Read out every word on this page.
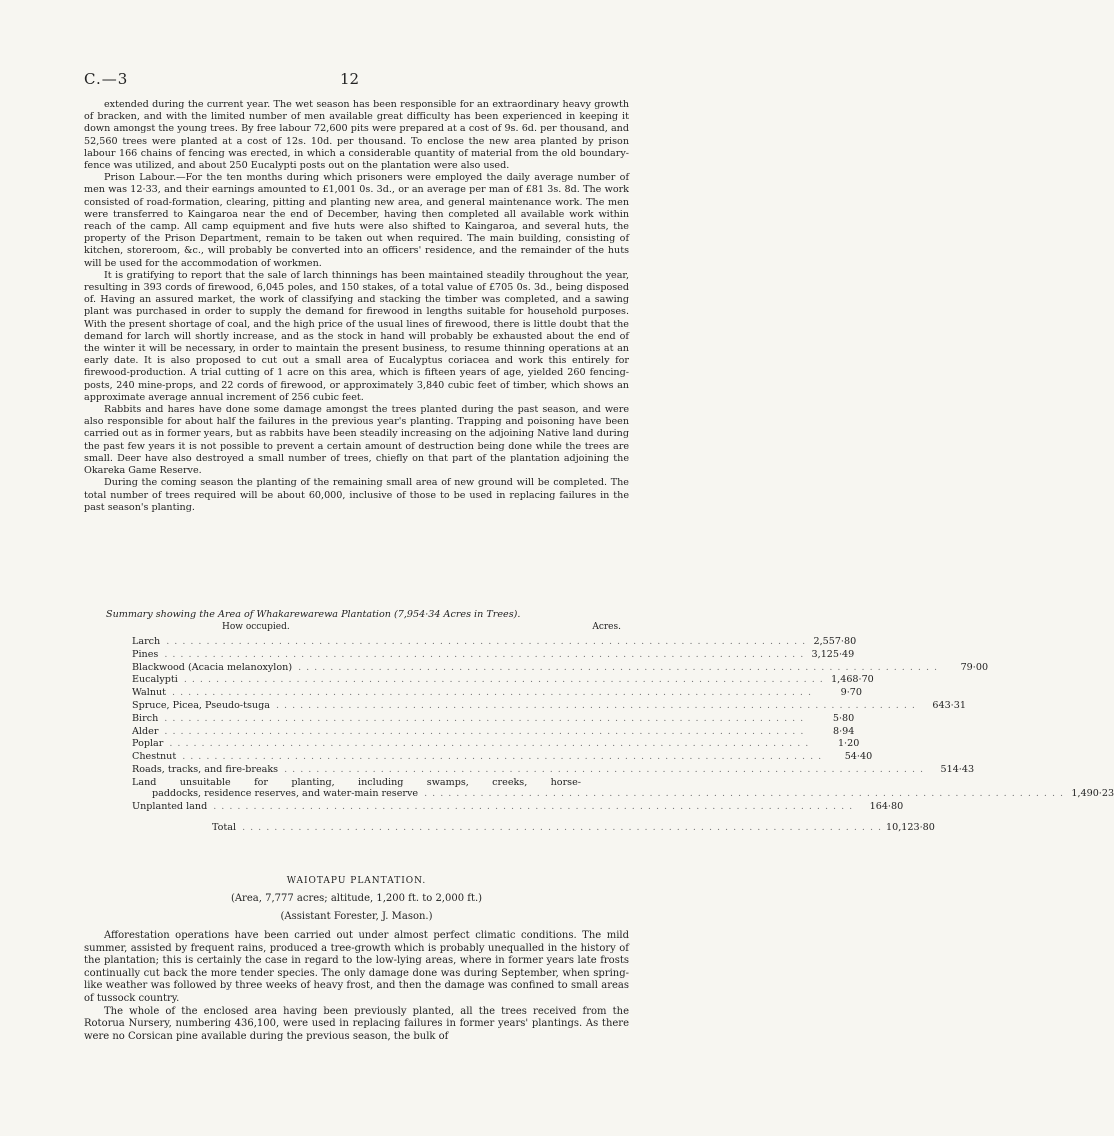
C.—3	12

extended during the current year. The wet season has been responsible for an extraordinary heavy growth of bracken, and with the limited number of men available great difficulty has been experienced in keeping it down amongst the young trees. By free labour 72,600 pits were prepared at a cost of 9s. 6d. per thousand, and 52,560 trees were planted at a cost of 12s. 10d. per thousand. To enclose the new area planted by prison labour 166 chains of fencing was erected, in which a considerable quantity of material from the old boundary-fence was utilized, and about 250 Eucalypti posts out on the plantation were also used.

Prison Labour.—For the ten months during which prisoners were employed the daily average number of men was 12·33, and their earnings amounted to £1,001 0s. 3d., or an average per man of £81 3s. 8d. The work consisted of road-formation, clearing, pitting and planting new area, and general maintenance work. The men were transferred to Kaingaroa near the end of December, having then completed all available work within reach of the camp. All camp equipment and five huts were also shifted to Kaingaroa, and several huts, the property of the Prison Department, remain to be taken out when required. The main building, consisting of kitchen, storeroom, &c., will probably be converted into an officers' residence, and the remainder of the huts will be used for the accommodation of workmen.

It is gratifying to report that the sale of larch thinnings has been maintained steadily throughout the year, resulting in 393 cords of firewood, 6,045 poles, and 150 stakes, of a total value of £705 0s. 3d., being disposed of. Having an assured market, the work of classifying and stacking the timber was completed, and a sawing plant was purchased in order to supply the demand for firewood in lengths suitable for household purposes. With the present shortage of coal, and the high price of the usual lines of firewood, there is little doubt that the demand for larch will shortly increase, and as the stock in hand will probably be exhausted about the end of the winter it will be necessary, in order to maintain the present business, to resume thinning operations at an early date. It is also proposed to cut out a small area of Eucalyptus coriacea and work this entirely for firewood-production. A trial cutting of 1 acre on this area, which is fifteen years of age, yielded 260 fencing-posts, 240 mine-props, and 22 cords of firewood, or approximately 3,840 cubic feet of timber, which shows an approximate average annual increment of 256 cubic feet.

Rabbits and hares have done some damage amongst the trees planted during the past season, and were also responsible for about half the failures in the previous year's planting. Trapping and poisoning have been carried out as in former years, but as rabbits have been steadily increasing on the adjoining Native land during the past few years it is not possible to prevent a certain amount of destruction being done while the trees are small. Deer have also destroyed a small number of trees, chiefly on that part of the plantation adjoining the Okareka Game Reserve.

During the coming season the planting of the remaining small area of new ground will be completed. The total number of trees required will be about 60,000, inclusive of those to be used in replacing failures in the past season's planting.

Summary showing the Area of Whakarewarewa Plantation (7,954·34 Acres in Trees).
How occupied.	Acres.
Larch ................................................................................ 2,557·80
Pines ................................................................................ 3,125·49
Blackwood (Acacia melanoxylon) ................................................................................	79·00
Eucalypti ................................................................................ 1,468·70
Walnut ................................................................................	9·70
Spruce, Picea, Pseudo-tsuga ................................................................................	643·31
Birch ................................................................................	5·80
Alder ................................................................................	8·94
Poplar ................................................................................	1·20
Chestnut ................................................................................	54·40
Roads, tracks, and fire-breaks ................................................................................	514·43
Land unsuitable for planting, including swamps, creeks, horse-
paddocks, residence reserves, and water-main reserve ................................................................................ 1,490·23
Unplanted land ................................................................................	164·80
Total ................................................................................ 10,123·80
WAIOTAPU PLANTATION.
(Area, 7,777 acres; altitude, 1,200 ft. to 2,000 ft.)
(Assistant Forester, J. Mason.)

Afforestation operations have been carried out under almost perfect climatic conditions. The mild summer, assisted by frequent rains, produced a tree-growth which is probably unequalled in the history of the plantation; this is certainly the case in regard to the low-lying areas, where in former years late frosts continually cut back the more tender species. The only damage done was during September, when spring-like weather was followed by three weeks of heavy frost, and then the damage was confined to small areas of tussock country.

The whole of the enclosed area having been previously planted, all the trees received from the Rotorua Nursery, numbering 436,100, were used in replacing failures in former years' plantings. As there were no Corsican pine available during the previous season, the bulk of
